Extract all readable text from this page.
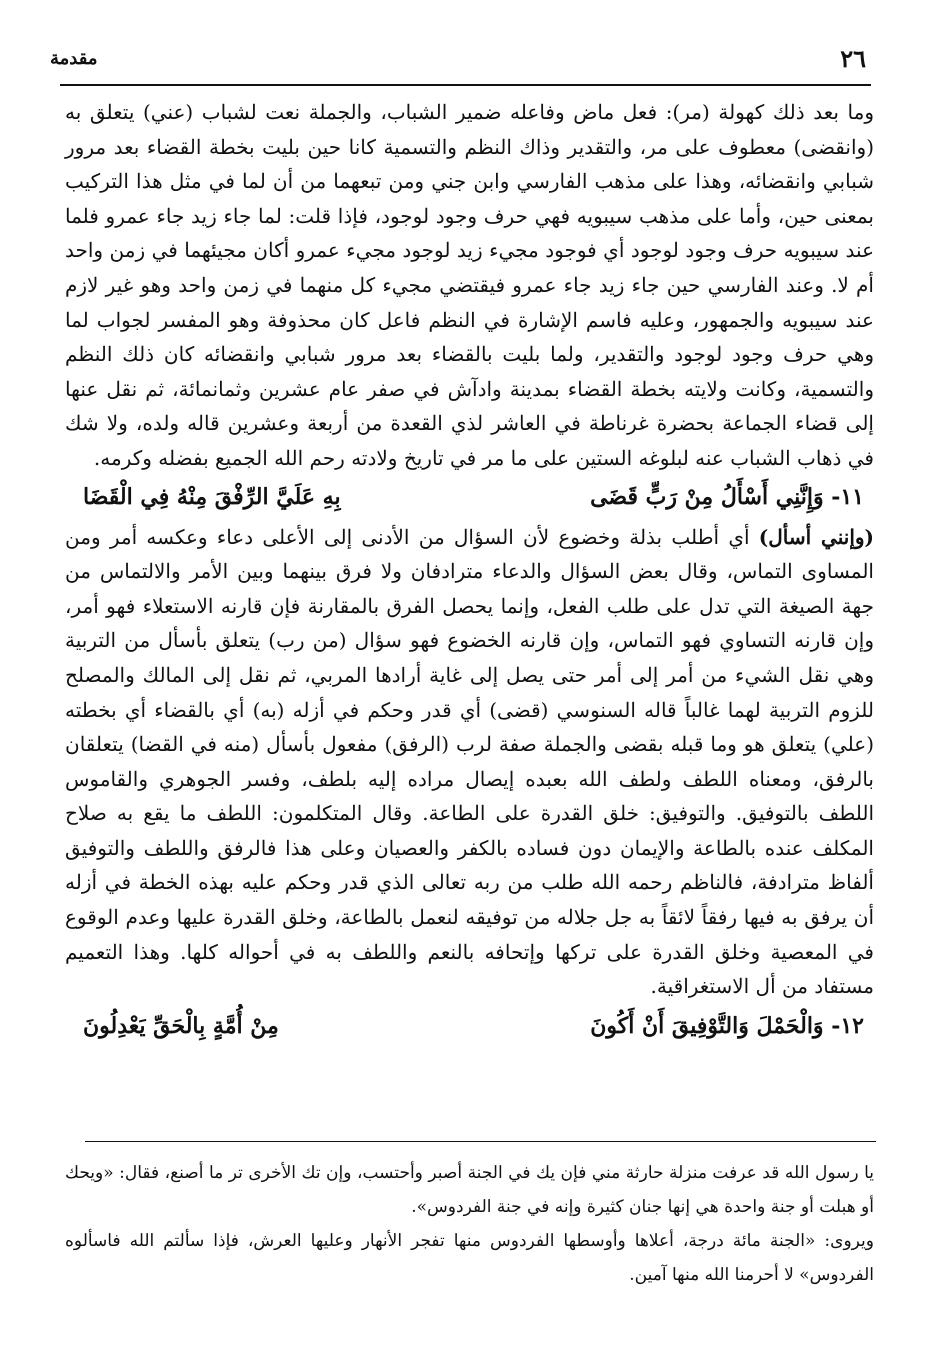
٢٦
مقدمة

وما بعد ذلك كهولة (مر): فعل ماض وفاعله ضمير الشباب، والجملة نعت لشباب (عني) يتعلق به (وانقضى) معطوف على مر، والتقدير وذاك النظم والتسمية كانا حين بليت بخطة القضاء بعد مرور شبابي وانقضائه، وهذا على مذهب الفارسي وابن جني ومن تبعهما من أن لما في مثل هذا التركيب بمعنى حين، وأما على مذهب سيبويه فهي حرف وجود لوجود، فإذا قلت: لما جاء زيد جاء عمرو فلما عند سيبويه حرف وجود لوجود أي فوجود مجيء زيد لوجود مجيء عمرو أكان مجيئهما في زمن واحد أم لا. وعند الفارسي حين جاء زيد جاء عمرو فيقتضي مجيء كل منهما في زمن واحد وهو غير لازم عند سيبويه والجمهور، وعليه فاسم الإشارة في النظم فاعل كان محذوفة وهو المفسر لجواب لما وهي حرف وجود لوجود والتقدير، ولما بليت بالقضاء بعد مرور شبابي وانقضائه كان ذلك النظم والتسمية، وكانت ولايته بخطة القضاء بمدينة وادآش في صفر عام عشرين وثمانمائة، ثم نقل عنها إلى قضاء الجماعة بحضرة غرناطة في العاشر لذي القعدة من أربعة وعشرين قاله ولده، ولا شك في ذهاب الشباب عنه لبلوغه الستين على ما مر في تاريخ ولادته رحم الله الجميع بفضله وكرمه.

١١- وَإِنَّنِي أَسْأَلُ مِنْ رَبٍّ قَضَى
بِهِ عَلَيَّ الرِّفْقَ مِنْهُ فِي الْقَضَا

(وإنني أسأل) أي أطلب بذلة وخضوع لأن السؤال من الأدنى إلى الأعلى دعاء وعكسه أمر ومن المساوى التماس، وقال بعض السؤال والدعاء مترادفان ولا فرق بينهما وبين الأمر والالتماس من جهة الصيغة التي تدل على طلب الفعل، وإنما يحصل الفرق بالمقارنة فإن قارنه الاستعلاء فهو أمر، وإن قارنه التساوي فهو التماس، وإن قارنه الخضوع فهو سؤال (من رب) يتعلق بأسأل من التربية وهي نقل الشيء من أمر إلى أمر حتى يصل إلى غاية أرادها المربي، ثم نقل إلى المالك والمصلح للزوم التربية لهما غالباً قاله السنوسي (قضى) أي قدر وحكم في أزله (به) أي بالقضاء أي بخطته (علي) يتعلق هو وما قبله بقضى والجملة صفة لرب (الرفق) مفعول بأسأل (منه في القضا) يتعلقان بالرفق، ومعناه اللطف ولطف الله بعبده إيصال مراده إليه بلطف، وفسر الجوهري والقاموس اللطف بالتوفيق. والتوفيق: خلق القدرة على الطاعة. وقال المتكلمون: اللطف ما يقع به صلاح المكلف عنده بالطاعة والإيمان دون فساده بالكفر والعصيان وعلى هذا فالرفق واللطف والتوفيق ألفاظ مترادفة، فالناظم رحمه الله طلب من ربه تعالى الذي قدر وحكم عليه بهذه الخطة في أزله أن يرفق به فيها رفقاً لائقاً به جل جلاله من توفيقه لنعمل بالطاعة، وخلق القدرة عليها وعدم الوقوع في المعصية وخلق القدرة على تركها وإتحافه بالنعم واللطف به في أحواله كلها. وهذا التعميم مستفاد من أل الاستغراقية.

١٢- وَالْحَمْلَ وَالتَّوْفِيقَ أَنْ أَكُونَ
مِنْ أُمَّةٍ بِالْحَقِّ يَعْدِلُونَ

يا رسول الله قد عرفت منزلة حارثة مني فإن يك في الجنة أصبر وأحتسب، وإن تك الأخرى تر ما أصنع، فقال: «ويحك أو هبلت أو جنة واحدة هي إنها جنان كثيرة وإنه في جنة الفردوس».

ويروى: «الجنة مائة درجة، أعلاها وأوسطها الفردوس منها تفجر الأنهار وعليها العرش، فإذا سألتم الله فاسألوه الفردوس» لا أحرمنا الله منها آمين.
